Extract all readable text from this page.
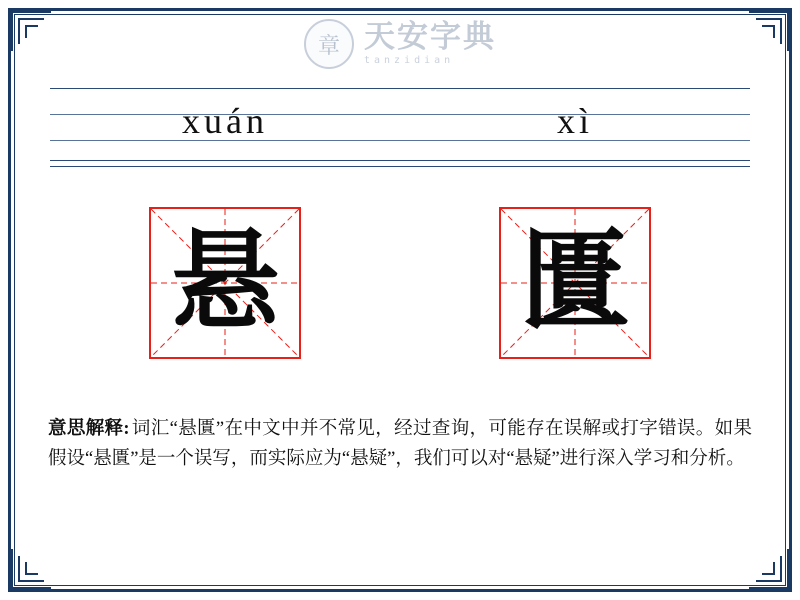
章 天安字典
tanzidian
xuán	xì
悬 匱
意思解释: 词汇“悬匱”在中文中并不常见，经过查询，可能存在误解或打字错误。如果假设“悬匱”是一个误写，而实际应为“悬疑”，我们可以对“悬疑”进行深入学习和分析。
